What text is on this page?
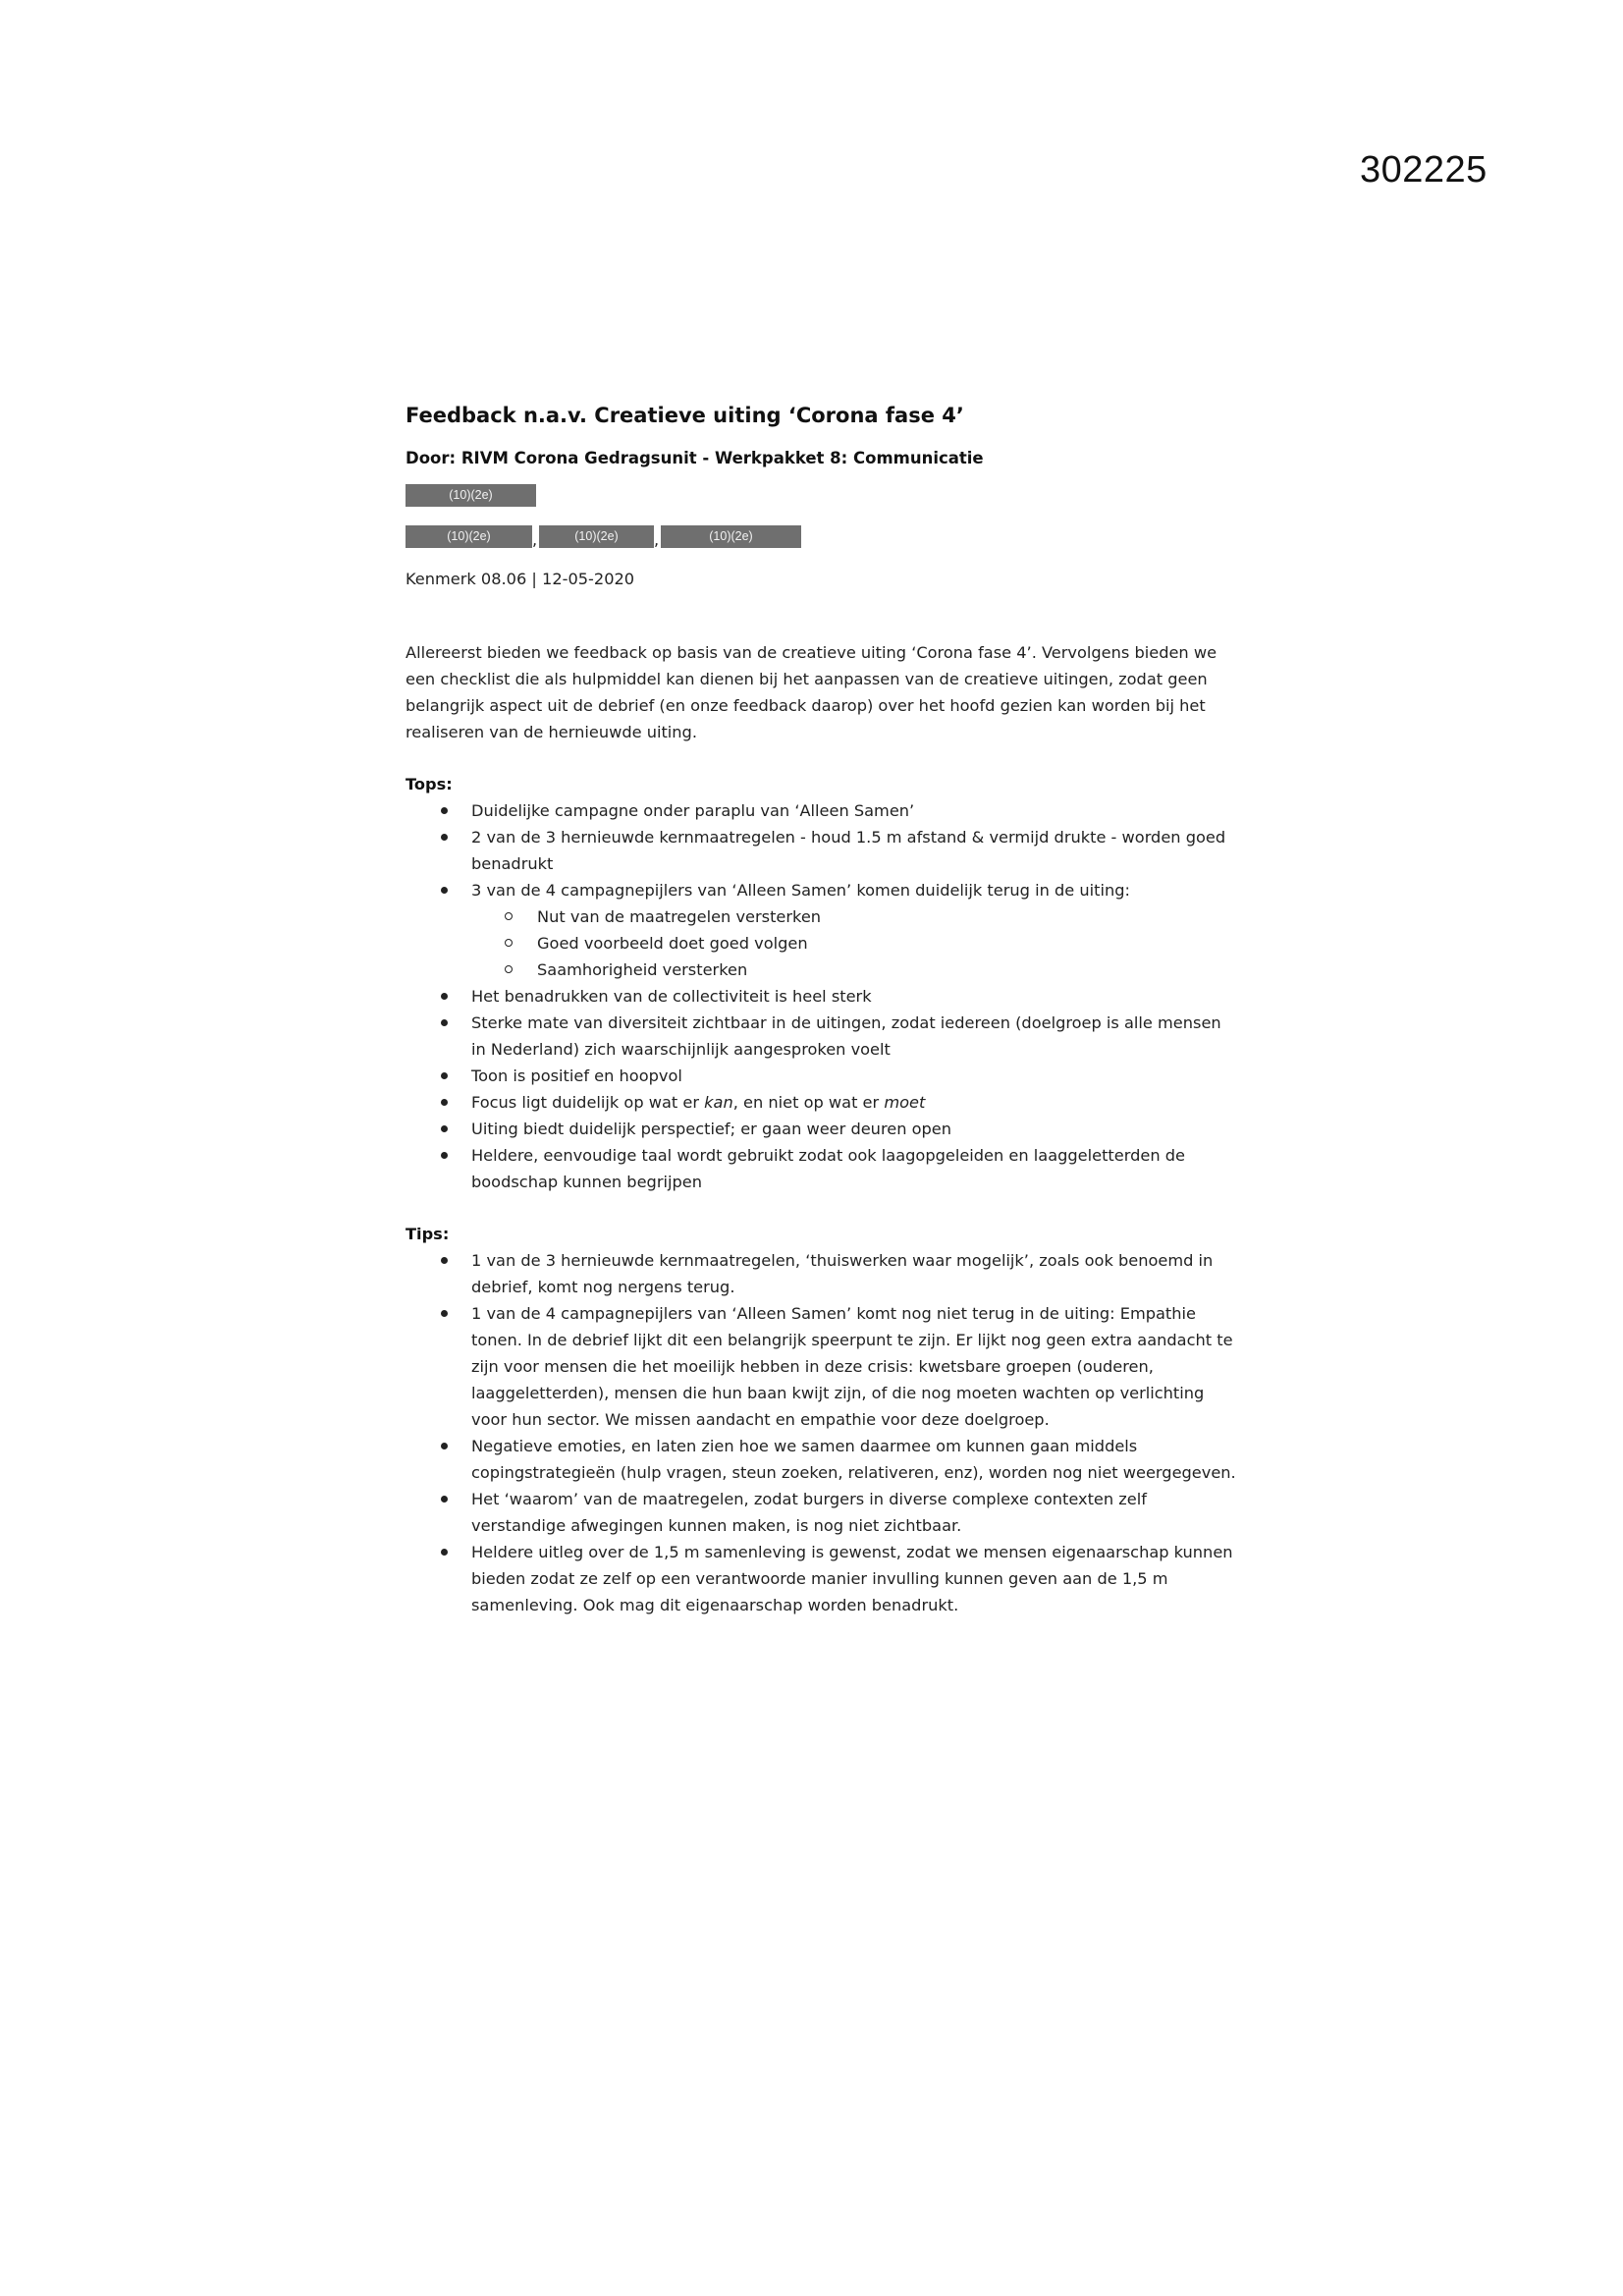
302225
Feedback n.a.v. Creatieve uiting ‘Corona fase 4’
Door: RIVM Corona Gedragsunit - Werkpakket 8: Communicatie
(10)(2e)
(10)(2e)	,	(10)(2e)	,	(10)(2e)
Kenmerk 08.06 | 12-05-2020
Allereerst bieden we feedback op basis van de creatieve uiting ‘Corona fase 4’. Vervolgens bieden we een checklist die als hulpmiddel kan dienen bij het aanpassen van de creatieve uitingen, zodat geen belangrijk aspect uit de debrief (en onze feedback daarop) over het hoofd gezien kan worden bij het realiseren van de hernieuwde uiting.
Tops:
Duidelijke campagne onder paraplu van ‘Alleen Samen’
2 van de 3 hernieuwde kernmaatregelen - houd 1.5 m afstand & vermijd drukte - worden goed benadrukt
3 van de 4 campagnepijlers van ‘Alleen Samen’ komen duidelijk terug in de uiting:
Nut van de maatregelen versterken
Goed voorbeeld doet goed volgen
Saamhorigheid versterken
Het benadrukken van de collectiviteit is heel sterk
Sterke mate van diversiteit zichtbaar in de uitingen, zodat iedereen (doelgroep is alle mensen in Nederland) zich waarschijnlijk aangesproken voelt
Toon is positief en hoopvol
Focus ligt duidelijk op wat er kan, en niet op wat er moet
Uiting biedt duidelijk perspectief; er gaan weer deuren open
Heldere, eenvoudige taal wordt gebruikt zodat ook laagopgeleiden en laaggeletterden de boodschap kunnen begrijpen
Tips:
1 van de 3 hernieuwde kernmaatregelen, ‘thuiswerken waar mogelijk’, zoals ook benoemd in debrief, komt nog nergens terug.
1 van de 4 campagnepijlers van ‘Alleen Samen’ komt nog niet terug in de uiting: Empathie tonen. In de debrief lijkt dit een belangrijk speerpunt te zijn. Er lijkt nog geen extra aandacht te zijn voor mensen die het moeilijk hebben in deze crisis: kwetsbare groepen (ouderen, laaggeletterden), mensen die hun baan kwijt zijn, of die nog moeten wachten op verlichting voor hun sector. We missen aandacht en empathie voor deze doelgroep.
Negatieve emoties, en laten zien hoe we samen daarmee om kunnen gaan middels copingstrategieën (hulp vragen, steun zoeken, relativeren, enz), worden nog niet weergegeven.
Het ‘waarom’ van de maatregelen, zodat burgers in diverse complexe contexten zelf verstandige afwegingen kunnen maken, is nog niet zichtbaar.
Heldere uitleg over de 1,5 m samenleving is gewenst, zodat we mensen eigenaarschap kunnen bieden zodat ze zelf op een verantwoorde manier invulling kunnen geven aan de 1,5 m samenleving. Ook mag dit eigenaarschap worden benadrukt.
